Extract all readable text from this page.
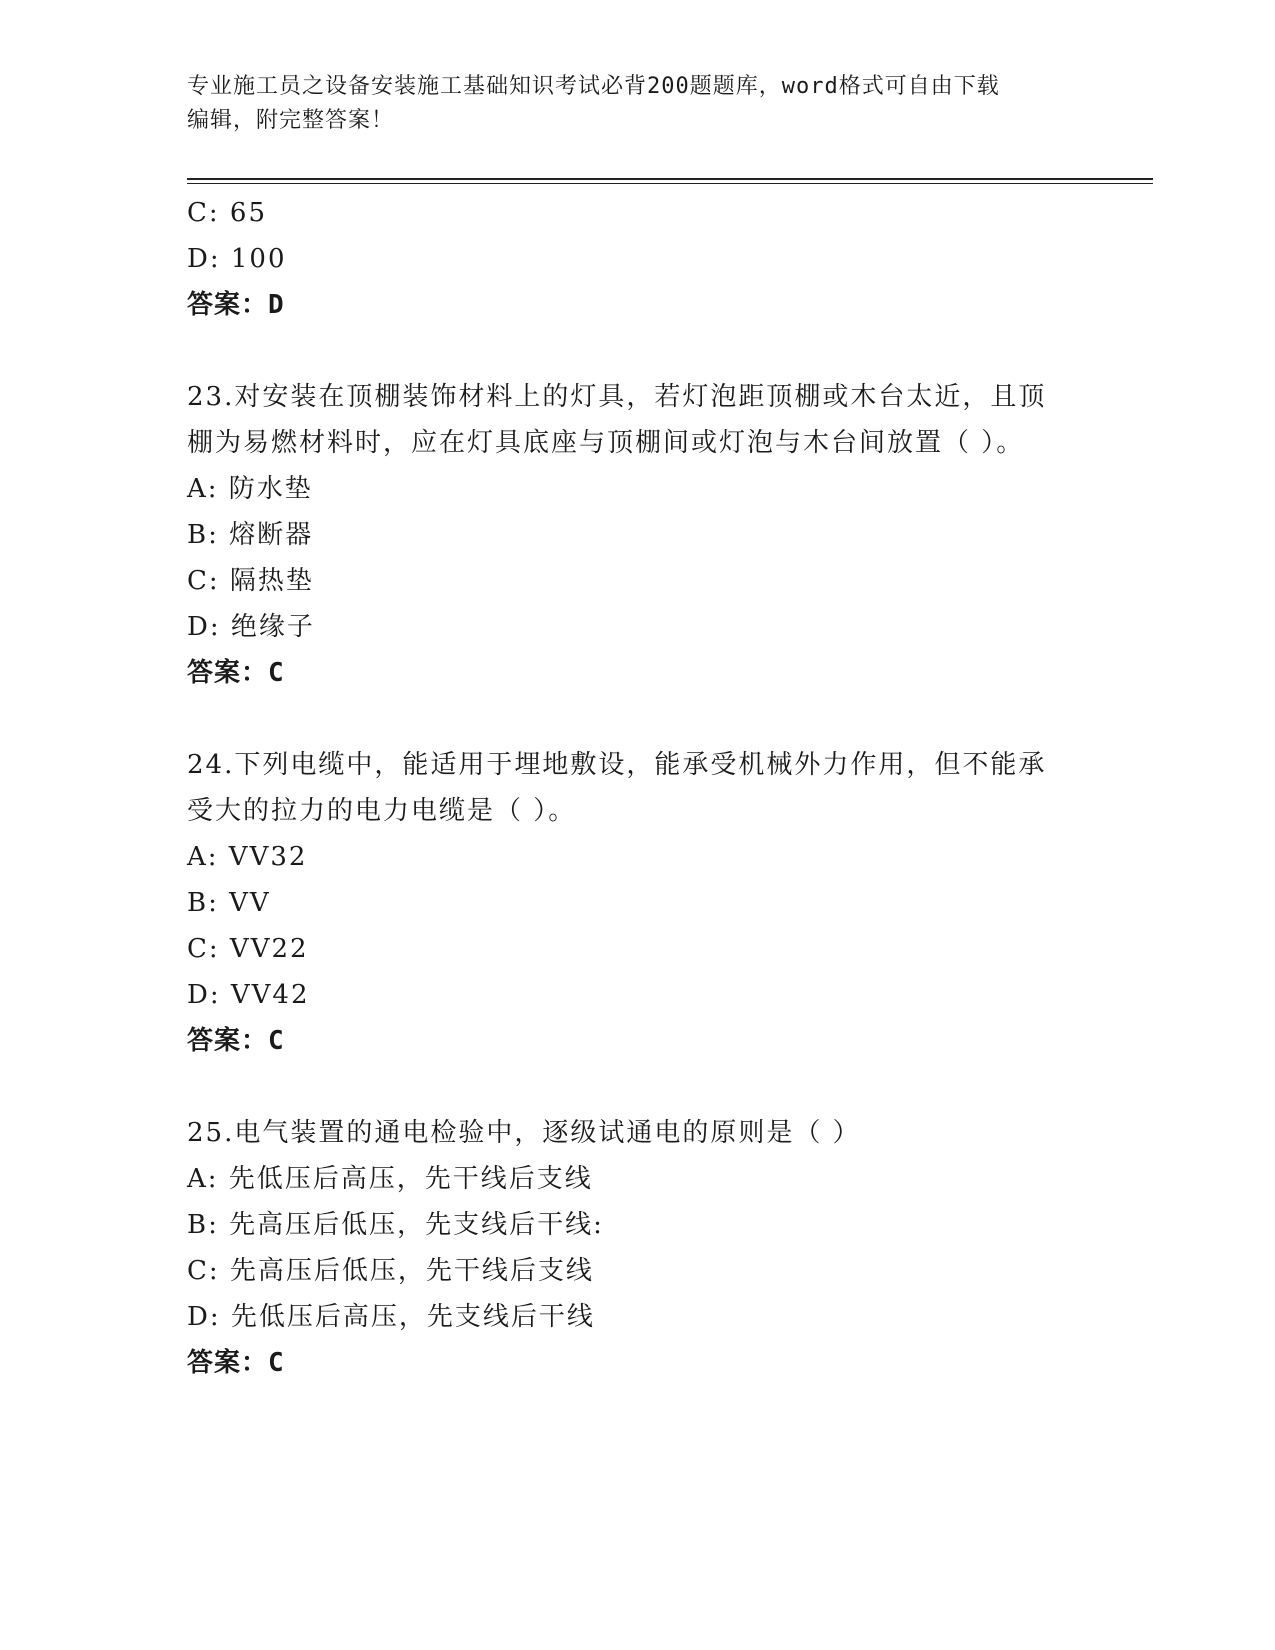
专业施工员之设备安装施工基础知识考试必背200题题库，word格式可自由下载
编辑，附完整答案！
C: 65
D: 100
答案：D
23.对安装在顶棚装饰材料上的灯具，若灯泡距顶棚或木台太近，且顶
棚为易燃材料时，应在灯具底座与顶棚间或灯泡与木台间放置（ ）。
A: 防水垫
B: 熔断器
C: 隔热垫
D: 绝缘子
答案：C
24.下列电缆中，能适用于埋地敷设，能承受机械外力作用，但不能承
受大的拉力的电力电缆是（ ）。
A: VV32
B: VV
C: VV22
D: VV42
答案：C
25.电气装置的通电检验中，逐级试通电的原则是（ ）
A: 先低压后高压，先干线后支线
B: 先高压后低压，先支线后干线:
C: 先高压后低压，先干线后支线
D: 先低压后高压，先支线后干线
答案：C
